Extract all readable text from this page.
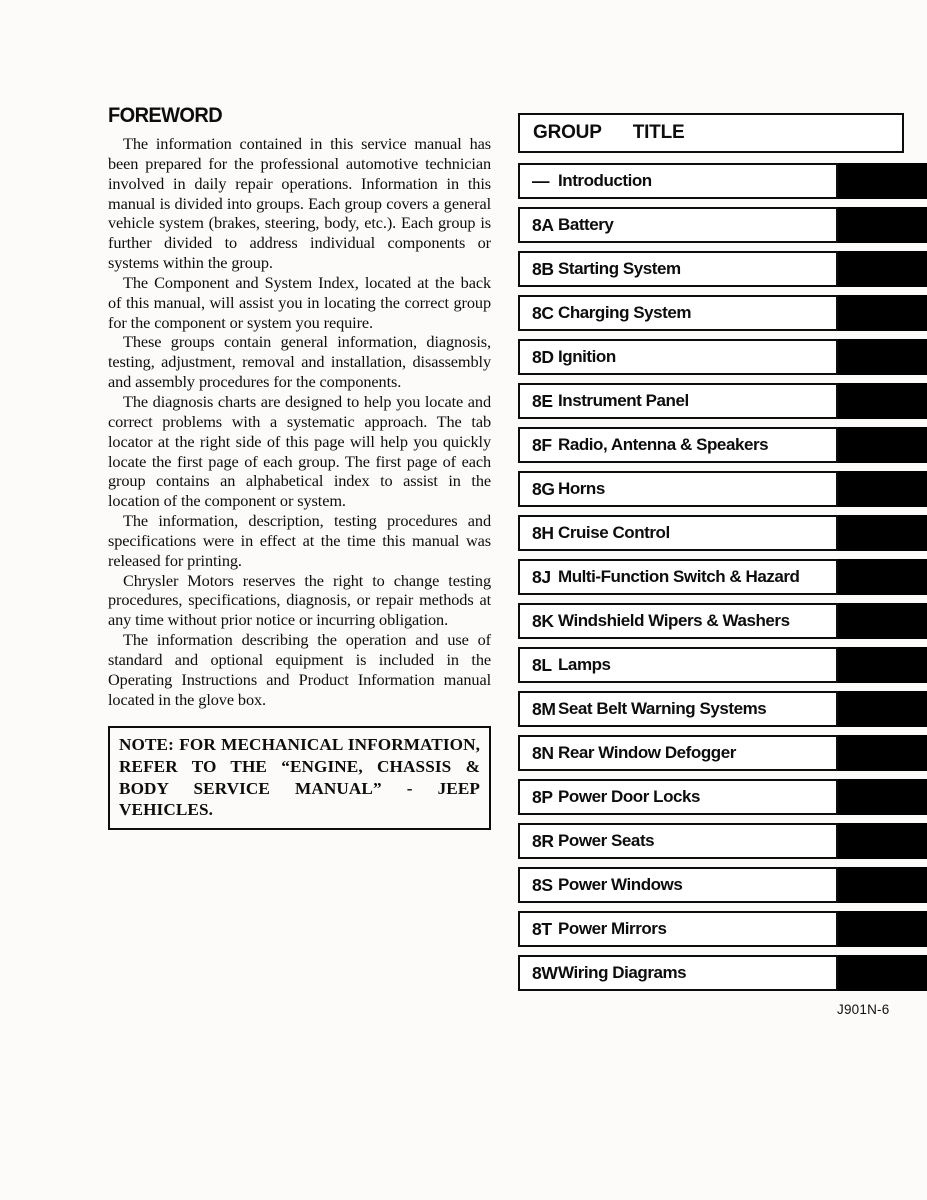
FOREWORD

The information contained in this service manual has been prepared for the professional automotive technician involved in daily repair operations. Information in this manual is divided into groups. Each group covers a general vehicle system (brakes, steering, body, etc.). Each group is further divided to address individual components or systems within the group.

The Component and System Index, located at the back of this manual, will assist you in locating the correct group for the component or system you require.

These groups contain general information, diagnosis, testing, adjustment, removal and installation, disassembly and assembly procedures for the components.

The diagnosis charts are designed to help you locate and correct problems with a systematic approach. The tab locator at the right side of this page will help you quickly locate the first page of each group. The first page of each group contains an alphabetical index to assist in the location of the component or system.

The information, description, testing procedures and specifications were in effect at the time this manual was released for printing.

Chrysler Motors reserves the right to change testing procedures, specifications, diagnosis, or repair methods at any time without prior notice or incurring obligation.

The information describing the operation and use of standard and optional equipment is included in the Operating Instructions and Product Information manual located in the glove box.

NOTE: FOR MECHANICAL INFORMATION, REFER TO THE “ENGINE, CHASSIS & BODY SERVICE MANUAL” - JEEP VEHICLES.

GROUP TITLE
— Introduction
8A Battery
8B Starting System
8C Charging System
8D Ignition
8E Instrument Panel
8F Radio, Antenna & Speakers
8G Horns
8H Cruise Control
8J Multi-Function Switch & Hazard
8K Windshield Wipers & Washers
8L Lamps
8M Seat Belt Warning Systems
8N Rear Window Defogger
8P Power Door Locks
8R Power Seats
8S Power Windows
8T Power Mirrors
8W Wiring Diagrams
J901N-6
